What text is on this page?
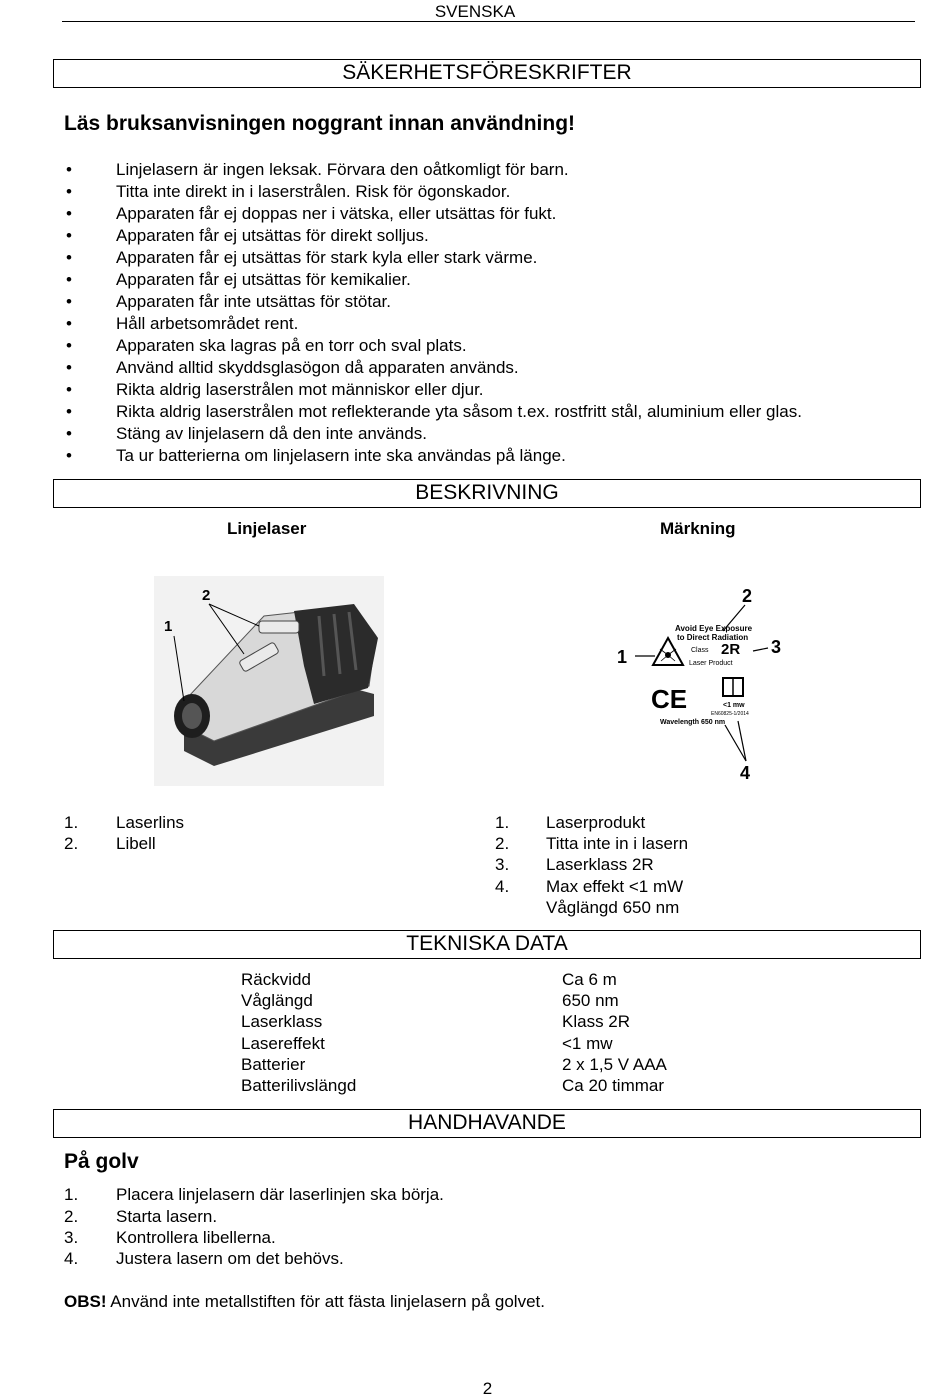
SVENSKA
SÄKERHETSFÖRESKRIFTER
Läs bruksanvisningen noggrant innan användning!
•	Linjelasern är ingen leksak. Förvara den oåtkomligt för barn.
•	Titta inte direkt in i laserstrålen. Risk för ögonskador.
•	Apparaten får ej doppas ner i vätska, eller utsättas för fukt.
•	Apparaten får ej utsättas för direkt solljus.
•	Apparaten får ej utsättas för stark kyla eller stark värme.
•	Apparaten får ej utsättas för kemikalier.
•	Apparaten får inte utsättas för stötar.
•	Håll arbetsområdet rent.
•	Apparaten ska lagras på en torr och sval plats.
•	Använd alltid skyddsglasögon då apparaten används.
•	Rikta aldrig laserstrålen mot människor eller djur.
•	Rikta aldrig laserstrålen mot reflekterande yta såsom t.ex. rostfritt stål, aluminium eller glas.
•	Stäng av linjelasern då den inte används.
•	Ta ur batterierna om linjelasern inte ska användas på länge.
BESKRIVNING
Linjelaser	Märkning
2
1
2
1	3
4
Avoid Eye Exposure
to Direct Radiation
Class 2R
Laser Product
CE	<1 mw
EN60825-1/2014
Wavelength 650 nm
1. Laserlins
2. Libell
1. Laserprodukt
2. Titta inte in i lasern
3. Laserklass 2R
4. Max effekt <1 mW
Våglängd 650 nm
TEKNISKA DATA
Räckvidd	Ca 6 m
Våglängd	650 nm
Laserklass	Klass 2R
Lasereffekt	<1 mw
Batterier	2 x 1,5 V AAA
Batterilivslängd	Ca 20 timmar
HANDHAVANDE
På golv
1. Placera linjelasern där laserlinjen ska börja.
2. Starta lasern.
3. Kontrollera libellerna.
4. Justera lasern om det behövs.
OBS! Använd inte metallstiften för att fästa linjelasern på golvet.
2
